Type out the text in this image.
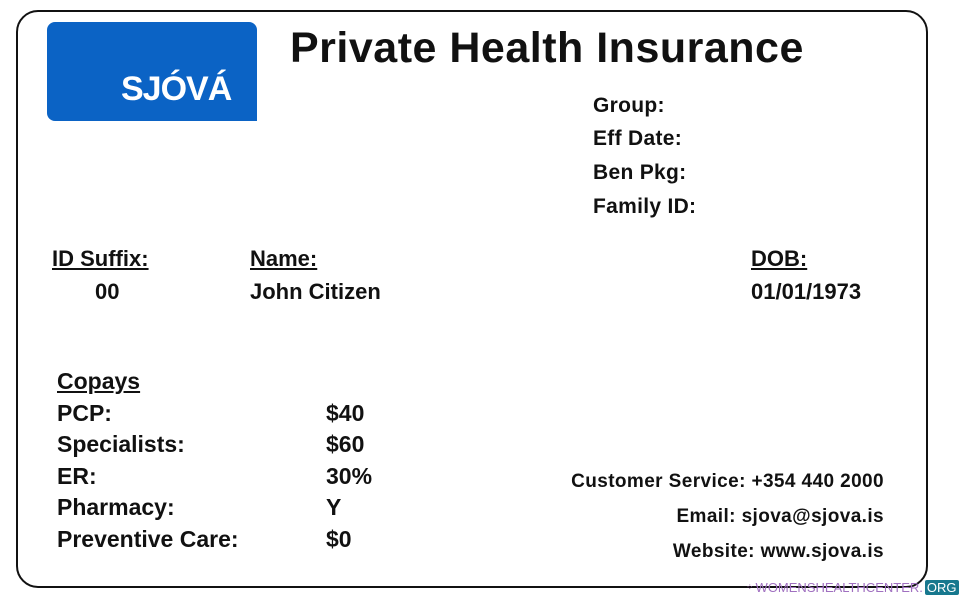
SJÓVÁ
Private Health Insurance
Group:
Eff Date:
Ben Pkg:
Family ID:
ID Suffix:
00
Name:
John Citizen
DOB:
01/01/1973
Copays
PCP:	$40
Specialists:	$60
ER:	30%
Pharmacy:	Y
Preventive Care:	$0
Customer Service: +354 440 2000
Email: sjova@sjova.is
Website: www.sjova.is
⁘ WOMENSHEALTHCENTER. ORG
